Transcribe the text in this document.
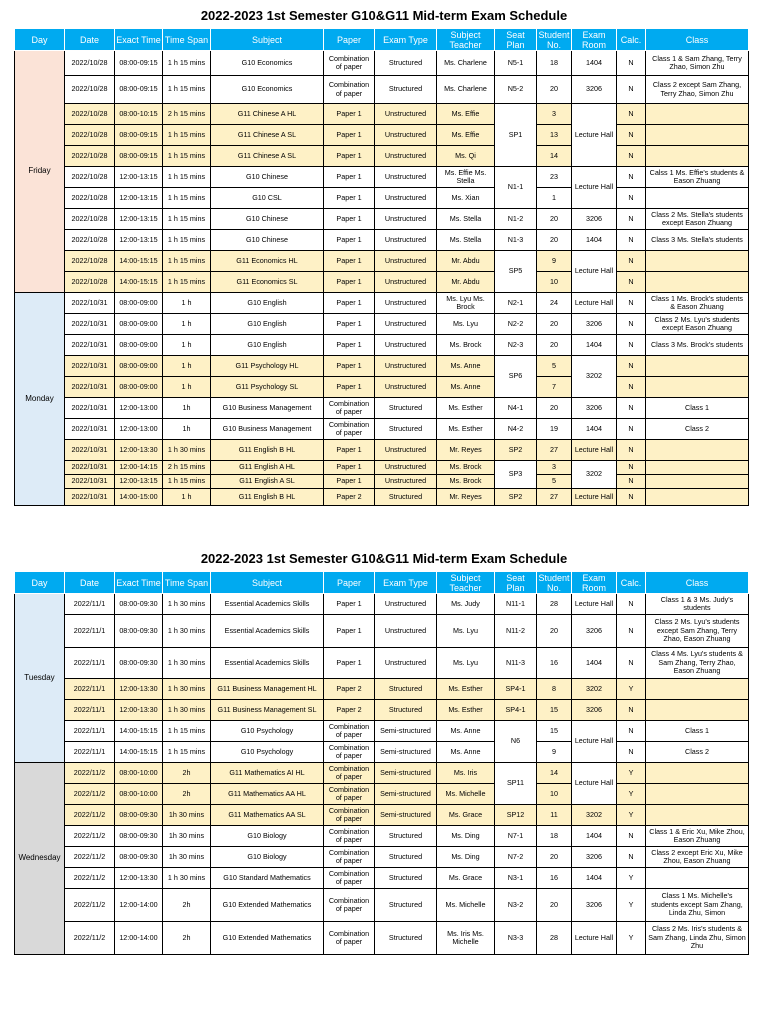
2022-2023 1st Semester G10&G11 Mid-term Exam Schedule
Day	Date	Exact Time	Time Span	Subject	Paper	Exam Type	Subject Teacher	Seat Plan	Student No.	Exam Room	Calc.	Class
Friday	2022/10/28	08:00-09:15	1 h 15 mins	G10 Economics	Combination of paper	Structured	Ms. Charlene	N5-1	18	1404	N	Class 1 & Sam Zhang, Terry Zhao, Simon Zhu
	2022/10/28	08:00-09:15	1 h 15 mins	G10 Economics	Combination of paper	Structured	Ms. Charlene	N5-2	20	3206	N	Class 2 except Sam Zhang, Terry Zhao, Simon Zhu
	2022/10/28	08:00-10:15	2 h 15 mins	G11 Chinese A HL	Paper 1	Unstructured	Ms. Effie	SP1	3	Lecture Hall	N	
	2022/10/28	08:00-09:15	1 h 15 mins	G11 Chinese A SL	Paper 1	Unstructured	Ms. Effie		13		N	
	2022/10/28	08:00-09:15	1 h 15 mins	G11 Chinese A SL	Paper 1	Unstructured	Ms. Qi		14		N	
	2022/10/28	12:00-13:15	1 h 15 mins	G10 Chinese	Paper 1	Unstructured	Ms. Effie Ms. Stella	N1-1	23	Lecture Hall	N	Calss 1 Ms. Effie's students & Eason Zhuang
	2022/10/28	12:00-13:15	1 h 15 mins	G10 CSL	Paper 1	Unstructured	Ms. Xian		1		N	
	2022/10/28	12:00-13:15	1 h 15 mins	G10 Chinese	Paper 1	Unstructured	Ms. Stella	N1-2	20	3206	N	Class 2 Ms. Stella's students except Eason Zhuang
	2022/10/28	12:00-13:15	1 h 15 mins	G10 Chinese	Paper 1	Unstructured	Ms. Stella	N1-3	20	1404	N	Class 3 Ms. Stella's students
	2022/10/28	14:00-15:15	1 h 15 mins	G11 Economics HL	Paper 1	Unstructured	Mr. Abdu	SP5	9	Lecture Hall	N	
	2022/10/28	14:00-15:15	1 h 15 mins	G11 Economics SL	Paper 1	Unstructured	Mr. Abdu		10		N	
Monday	2022/10/31	08:00-09:00	1 h	G10 English	Paper 1	Unstructured	Ms. Lyu Ms. Brock	N2-1	24	Lecture Hall	N	Class 1 Ms. Brock's students & Eason Zhuang
	2022/10/31	08:00-09:00	1 h	G10 English	Paper 1	Unstructured	Ms. Lyu	N2-2	20	3206	N	Class 2 Ms. Lyu's students except Eason Zhuang
	2022/10/31	08:00-09:00	1 h	G10 English	Paper 1	Unstructured	Ms. Brock	N2-3	20	1404	N	Class 3 Ms. Brock's students
	2022/10/31	08:00-09:00	1 h	G11 Psychology HL	Paper 1	Unstructured	Ms. Anne	SP6	5	3202	N	
	2022/10/31	08:00-09:00	1 h	G11 Psychology SL	Paper 1	Unstructured	Ms. Anne		7		N	
	2022/10/31	12:00-13:00	1h	G10 Business Management	Combination of paper	Structured	Ms. Esther	N4-1	20	3206	N	Class 1
	2022/10/31	12:00-13:00	1h	G10 Business Management	Combination of paper	Structured	Ms. Esther	N4-2	19	1404	N	Class 2
	2022/10/31	12:00-13:30	1 h 30 mins	G11 English B HL	Paper 1	Unstructured	Mr. Reyes	SP2	27	Lecture Hall	N	
	2022/10/31	12:00-14:15	2 h 15 mins	G11 English A HL	Paper 1	Unstructured	Ms. Brock	SP3	3	3202	N	
	2022/10/31	12:00-13:15	1 h 15 mins	G11 English A SL	Paper 1	Unstructured	Ms. Brock		5		N	
	2022/10/31	14:00-15:00	1 h	G11 English B HL	Paper 2	Structured	Mr. Reyes	SP2	27	Lecture Hall	N	
2022-2023 1st Semester G10&G11 Mid-term Exam Schedule
Day	Date	Exact Time	Time Span	Subject	Paper	Exam Type	Subject Teacher	Seat Plan	Student No.	Exam Room	Calc.	Class
Tuesday	2022/11/1	08:00-09:30	1 h 30 mins	Essential Academics Skills	Paper 1	Unstructured	Ms. Judy	N11-1	28	Lecture Hall	N	Class 1 & 3 Ms. Judy's students
	2022/11/1	08:00-09:30	1 h 30 mins	Essential Academics Skills	Paper 1	Unstructured	Ms. Lyu	N11-2	20	3206	N	Class 2 Ms. Lyu's students except Sam Zhang, Terry Zhao, Eason Zhuang
	2022/11/1	08:00-09:30	1 h 30 mins	Essential Academics Skills	Paper 1	Unstructured	Ms. Lyu	N11-3	16	1404	N	Class 4 Ms. Lyu's students & Sam Zhang, Terry Zhao, Eason Zhuang
	2022/11/1	12:00-13:30	1 h 30 mins	G11 Business Management HL	Paper 2	Structured	Ms. Esther	SP4-1	8	3202	Y	
	2022/11/1	12:00-13:30	1 h 30 mins	G11 Business Management SL	Paper 2	Structured	Ms. Esther	SP4-1	15	3206	N	
	2022/11/1	14:00-15:15	1 h 15 mins	G10 Psychology	Combination of paper	Semi-structured	Ms. Anne	N6	15	Lecture Hall	N	Class 1
	2022/11/1	14:00-15:15	1 h 15 mins	G10 Psychology	Combination of paper	Semi-structured	Ms. Anne		9		N	Class 2
Wednesday	2022/11/2	08:00-10:00	2h	G11 Mathematics AI HL	Combination of paper	Semi-structured	Ms. Iris	SP11	14	Lecture Hall	Y	
	2022/11/2	08:00-10:00	2h	G11 Mathematics AA HL	Combination of paper	Semi-structured	Ms. Michelle		10		Y	
	2022/11/2	08:00-09:30	1h 30 mins	G11 Mathematics AA SL	Combination of paper	Semi-structured	Ms. Grace	SP12	11	3202	Y	
	2022/11/2	08:00-09:30	1h 30 mins	G10 Biology	Combination of paper	Structured	Ms. Ding	N7-1	18	1404	N	Class 1 & Eric Xu, Mike Zhou, Eason Zhuang
	2022/11/2	08:00-09:30	1h 30 mins	G10 Biology	Combination of paper	Structured	Ms. Ding	N7-2	20	3206	N	Class 2 except Eric Xu, Mike Zhou, Eason Zhuang
	2022/11/2	12:00-13:30	1 h 30 mins	G10 Standard Mathematics	Combination of paper	Structured	Ms. Grace	N3-1	16	1404	Y	
	2022/11/2	12:00-14:00	2h	G10 Extended Mathematics	Combination of paper	Structured	Ms. Michelle	N3-2	20	3206	Y	Class 1 Ms. Michelle's students except Sam Zhang, Linda Zhu, Simon
	2022/11/2	12:00-14:00	2h	G10 Extended Mathematics	Combination of paper	Structured	Ms. Iris Ms. Michelle	N3-3	28	Lecture Hall	Y	Class 2 Ms. Iris's students & Sam Zhang, Linda Zhu, Simon Zhu
